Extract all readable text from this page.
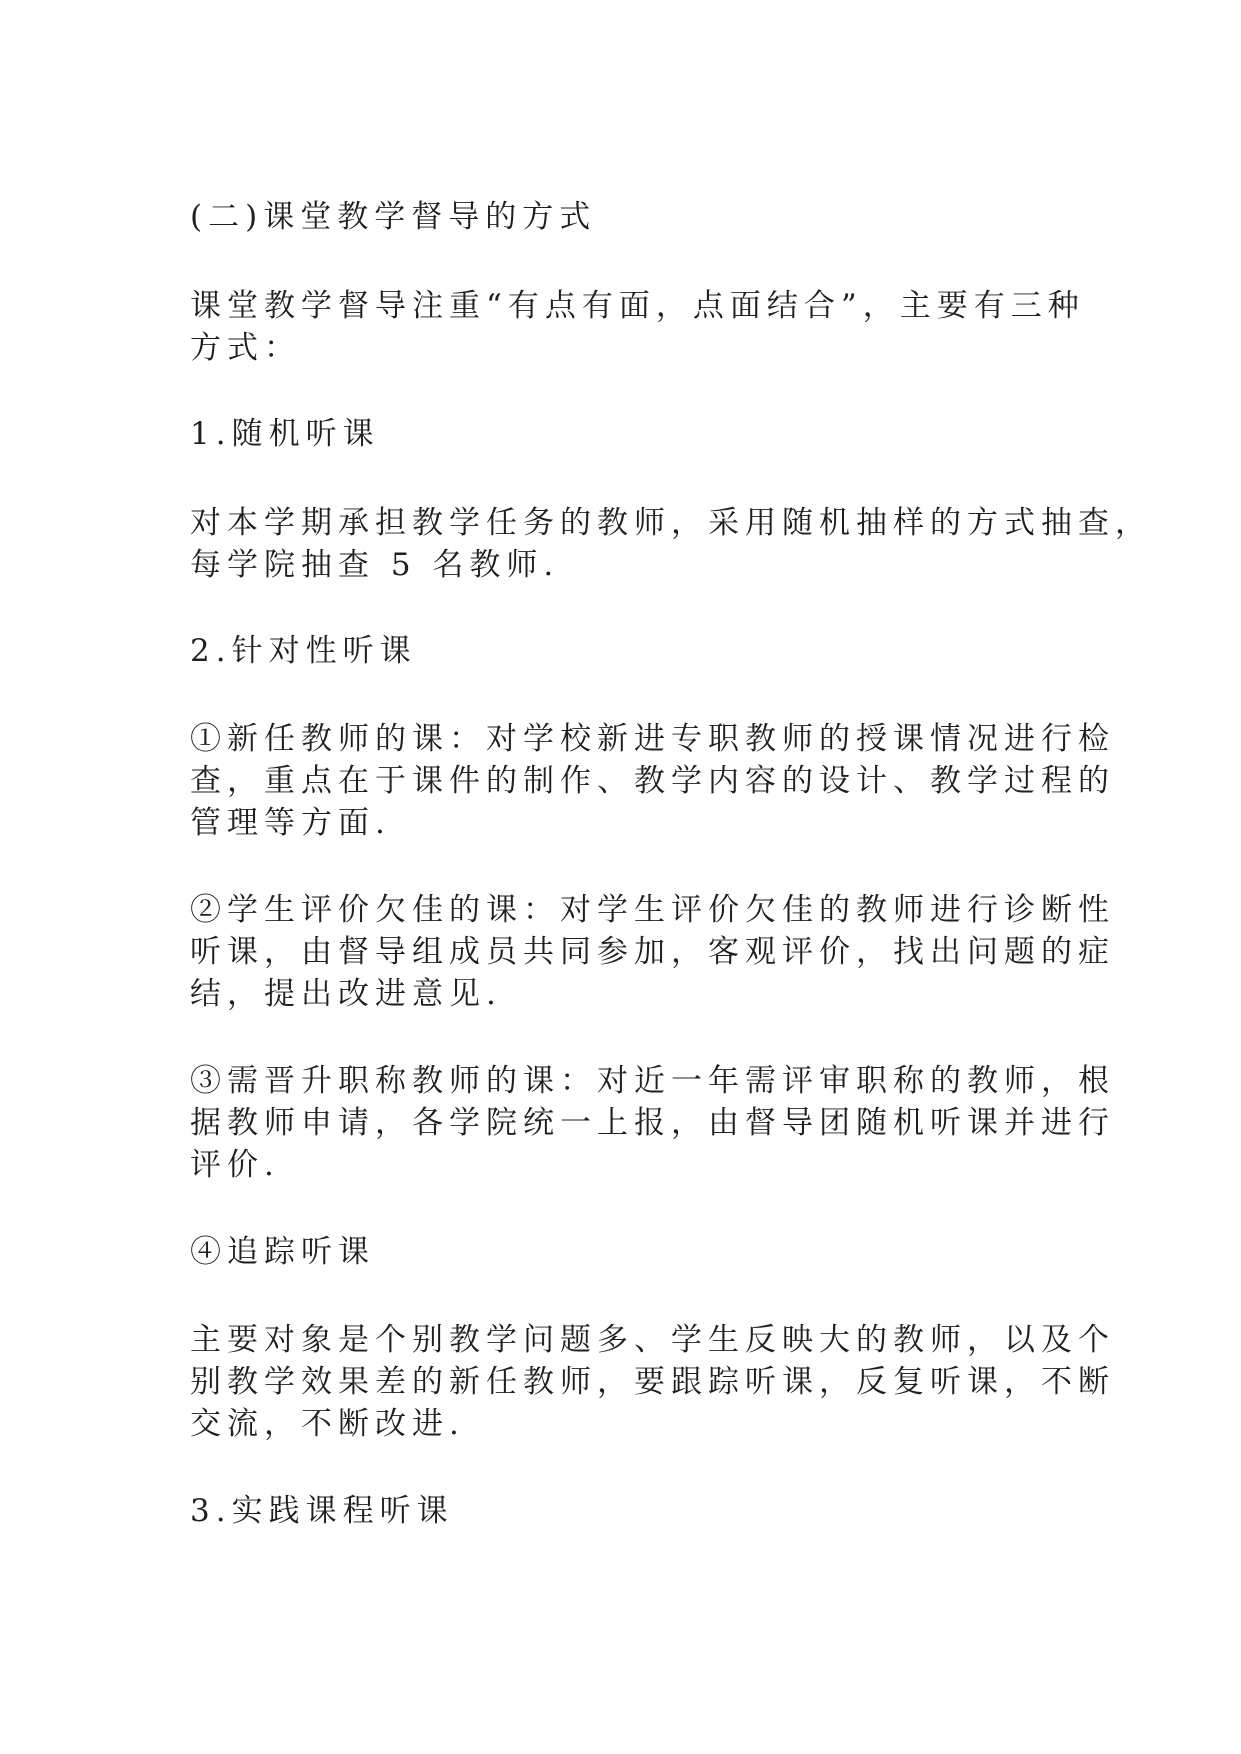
(二)课堂教学督导的方式

课堂教学督导注重“有点有面，点面结合”，主要有三种
方式：

1.随机听课

对本学期承担教学任务的教师，采用随机抽样的方式抽查，
每学院抽查 5 名教师.

2.针对性听课

①新任教师的课：对学校新进专职教师的授课情况进行检
查，重点在于课件的制作、教学内容的设计、教学过程的
管理等方面.

②学生评价欠佳的课：对学生评价欠佳的教师进行诊断性
听课，由督导组成员共同参加，客观评价，找出问题的症
结，提出改进意见.

③需晋升职称教师的课：对近一年需评审职称的教师，根
据教师申请，各学院统一上报，由督导团随机听课并进行
评价.

④追踪听课

主要对象是个别教学问题多、学生反映大的教师，以及个
别教学效果差的新任教师，要跟踪听课，反复听课，不断
交流，不断改进.

3.实践课程听课
